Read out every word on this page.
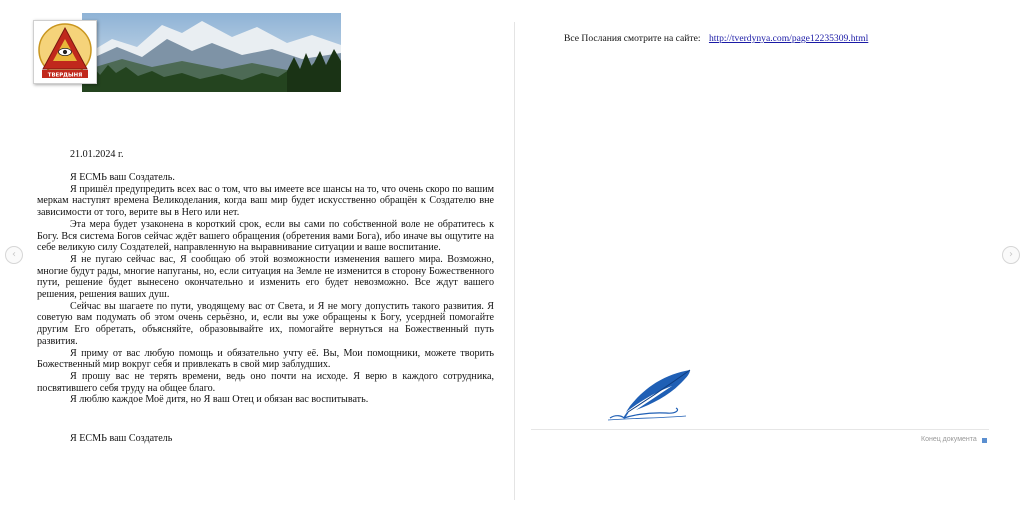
ТВЕРДЫНЯ
21.01.2024 г.

Я ЕСМЬ ваш Создатель.

Я пришёл предупредить всех вас о том, что вы имеете все шансы на то, что очень скоро по вашим меркам наступят времена Великоделания, когда ваш мир будет искусственно обращён к Создателю вне зависимости от того, верите вы в Него или нет.

Эта мера будет узаконена в короткий срок, если вы сами по собственной воле не обратитесь к Богу. Вся система Богов сейчас ждёт вашего обращения (обретения вами Бога), ибо иначе вы ощутите на себе великую силу Создателей, направленную на выравнивание ситуации и ваше воспитание.

Я не пугаю сейчас вас, Я сообщаю об этой возможности изменения вашего мира. Возможно, многие будут рады, многие напуганы, но, если ситуация на Земле не изменится в сторону Божественного пути, решение будет вынесено окончательно и изменить его будет невозможно. Все ждут вашего решения, решения ваших душ.

Сейчас вы шагаете по пути, уводящему вас от Света, и Я не могу допустить такого развития. Я советую вам подумать об этом очень серьёзно, и, если вы уже обращены к Богу, усердней помогайте другим Его обретать, объясняйте, образовывайте их, помогайте вернуться на Божественный путь развития.

Я приму от вас любую помощь и обязательно учту её. Вы, Мои помощники, можете творить Божественный мир вокруг себя и привлекать в свой мир заблудших.

Я прошу вас не терять времени, ведь оно почти на исходе. Я верю в каждого сотрудника, посвятившего себя труду на общее благо.

Я люблю каждое Моё дитя, но Я ваш Отец и обязан вас воспитывать.

Я ЕСМЬ ваш Создатель
Все Послания смотрите на сайте: http://tverdynya.com/page12235309.html
Конец документа
‹	›
